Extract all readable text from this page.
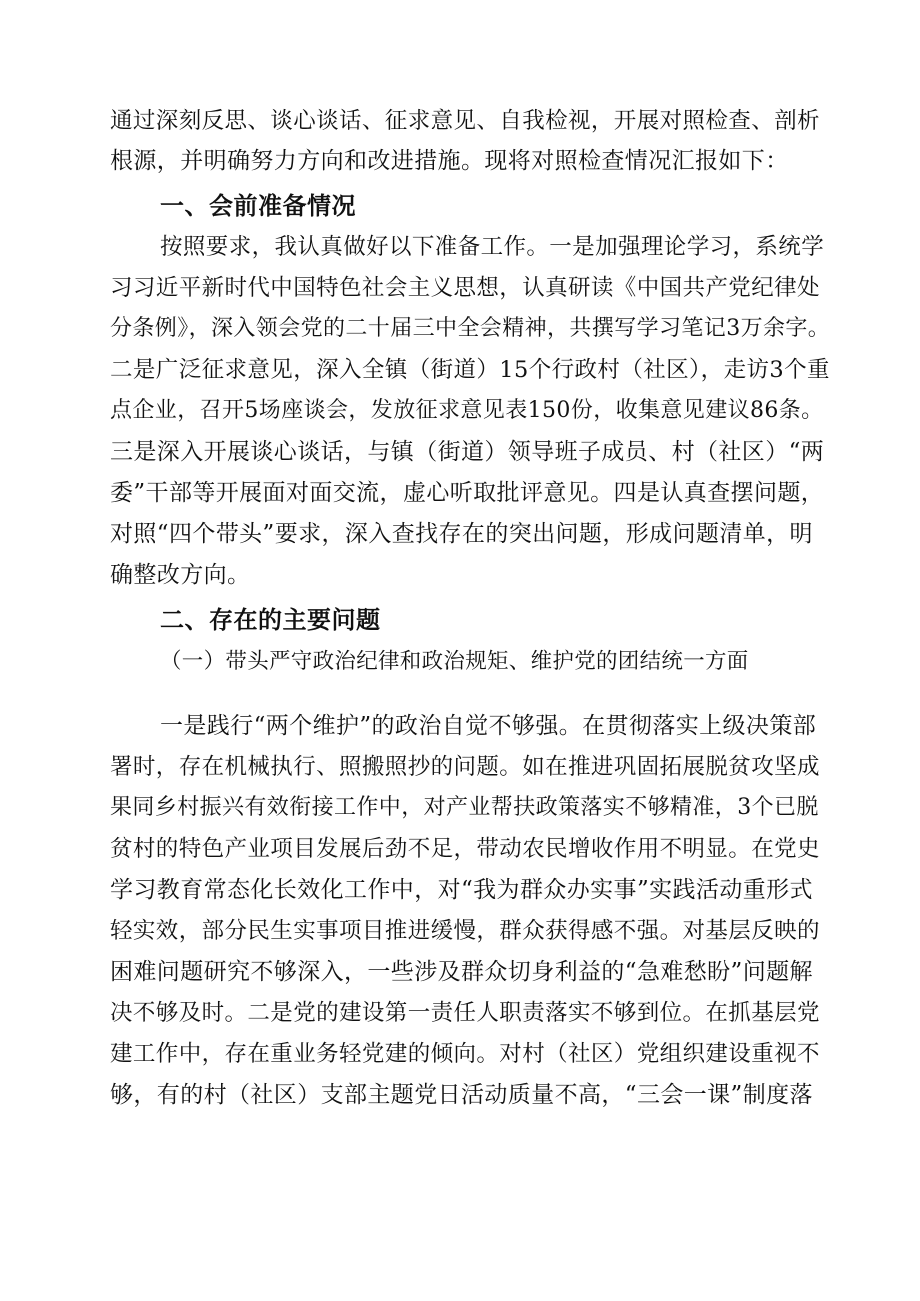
通过深刻反思、谈心谈话、征求意见、自我检视，开展对照检查、剖析
根源，并明确努力方向和改进措施。现将对照检查情况汇报如下：
一、会前准备情况
按照要求，我认真做好以下准备工作。一是加强理论学习，系统学
习习近平新时代中国特色社会主义思想，认真研读《中国共产党纪律处
分条例》，深入领会党的二十届三中全会精神，共撰写学习笔记3万余字。
二是广泛征求意见，深入全镇（街道）15个行政村（社区），走访3个重
点企业，召开5场座谈会，发放征求意见表150份，收集意见建议86条。
三是深入开展谈心谈话，与镇（街道）领导班子成员、村（社区）“两
委”干部等开展面对面交流，虚心听取批评意见。四是认真查摆问题，
对照“四个带头”要求，深入查找存在的突出问题，形成问题清单，明
确整改方向。
二、存在的主要问题
（一）带头严守政治纪律和政治规矩、维护党的团结统一方面
一是践行“两个维护”的政治自觉不够强。在贯彻落实上级决策部
署时，存在机械执行、照搬照抄的问题。如在推进巩固拓展脱贫攻坚成
果同乡村振兴有效衔接工作中，对产业帮扶政策落实不够精准，3个已脱
贫村的特色产业项目发展后劲不足，带动农民增收作用不明显。在党史
学习教育常态化长效化工作中，对“我为群众办实事”实践活动重形式
轻实效，部分民生实事项目推进缓慢，群众获得感不强。对基层反映的
困难问题研究不够深入，一些涉及群众切身利益的“急难愁盼”问题解
决不够及时。二是党的建设第一责任人职责落实不够到位。在抓基层党
建工作中，存在重业务轻党建的倾向。对村（社区）党组织建设重视不
够，有的村（社区）支部主题党日活动质量不高，“三会一课”制度落
